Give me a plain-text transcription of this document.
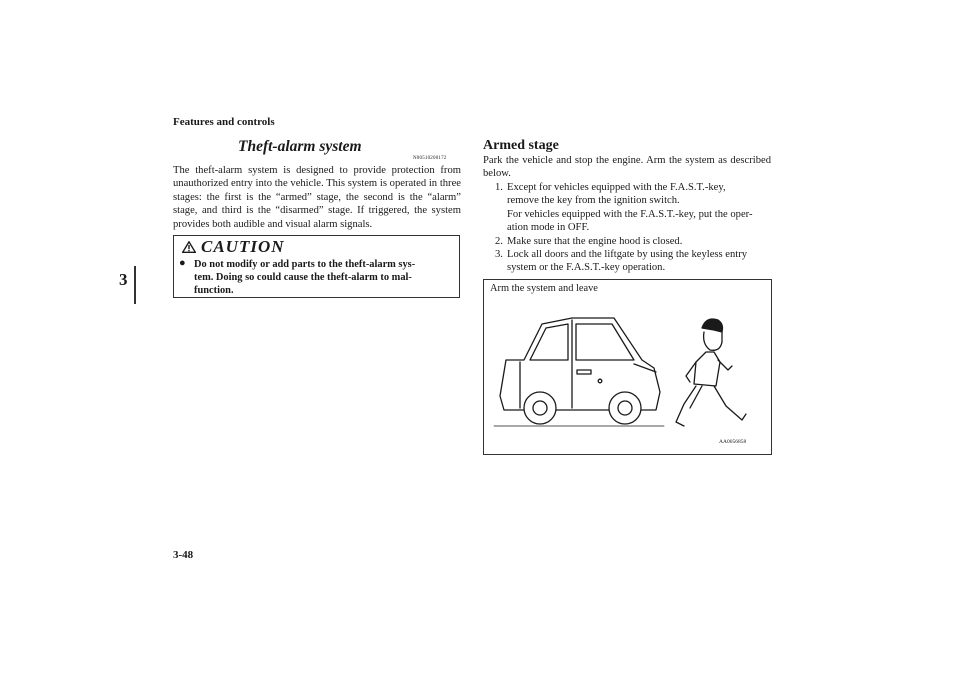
Features and controls
3
Theft-alarm system
N00510200172
The theft-alarm system is designed to provide protection from unauthorized entry into the vehicle. This system is operated in three stages: the first is the “armed” stage, the second is the “alarm” stage, and third is the “disarmed” stage. If triggered, the system provides both audible and visual alarm signals.
CAUTION
● Do not modify or add parts to the theft-alarm sys-
tem. Doing so could cause the theft-alarm to mal-
function.
Armed stage
Park the vehicle and stop the engine. Arm the system as described below.
1. Except for vehicles equipped with the F.A.S.T.-key,
remove the key from the ignition switch.
For vehicles equipped with the F.A.S.T.-key, put the oper-
ation mode in OFF.
2. Make sure that the engine hood is closed.
3. Lock all doors and the liftgate by using the keyless entry
system or the F.A.S.T.-key operation.
Arm the system and leave
AA0056858
3-48
